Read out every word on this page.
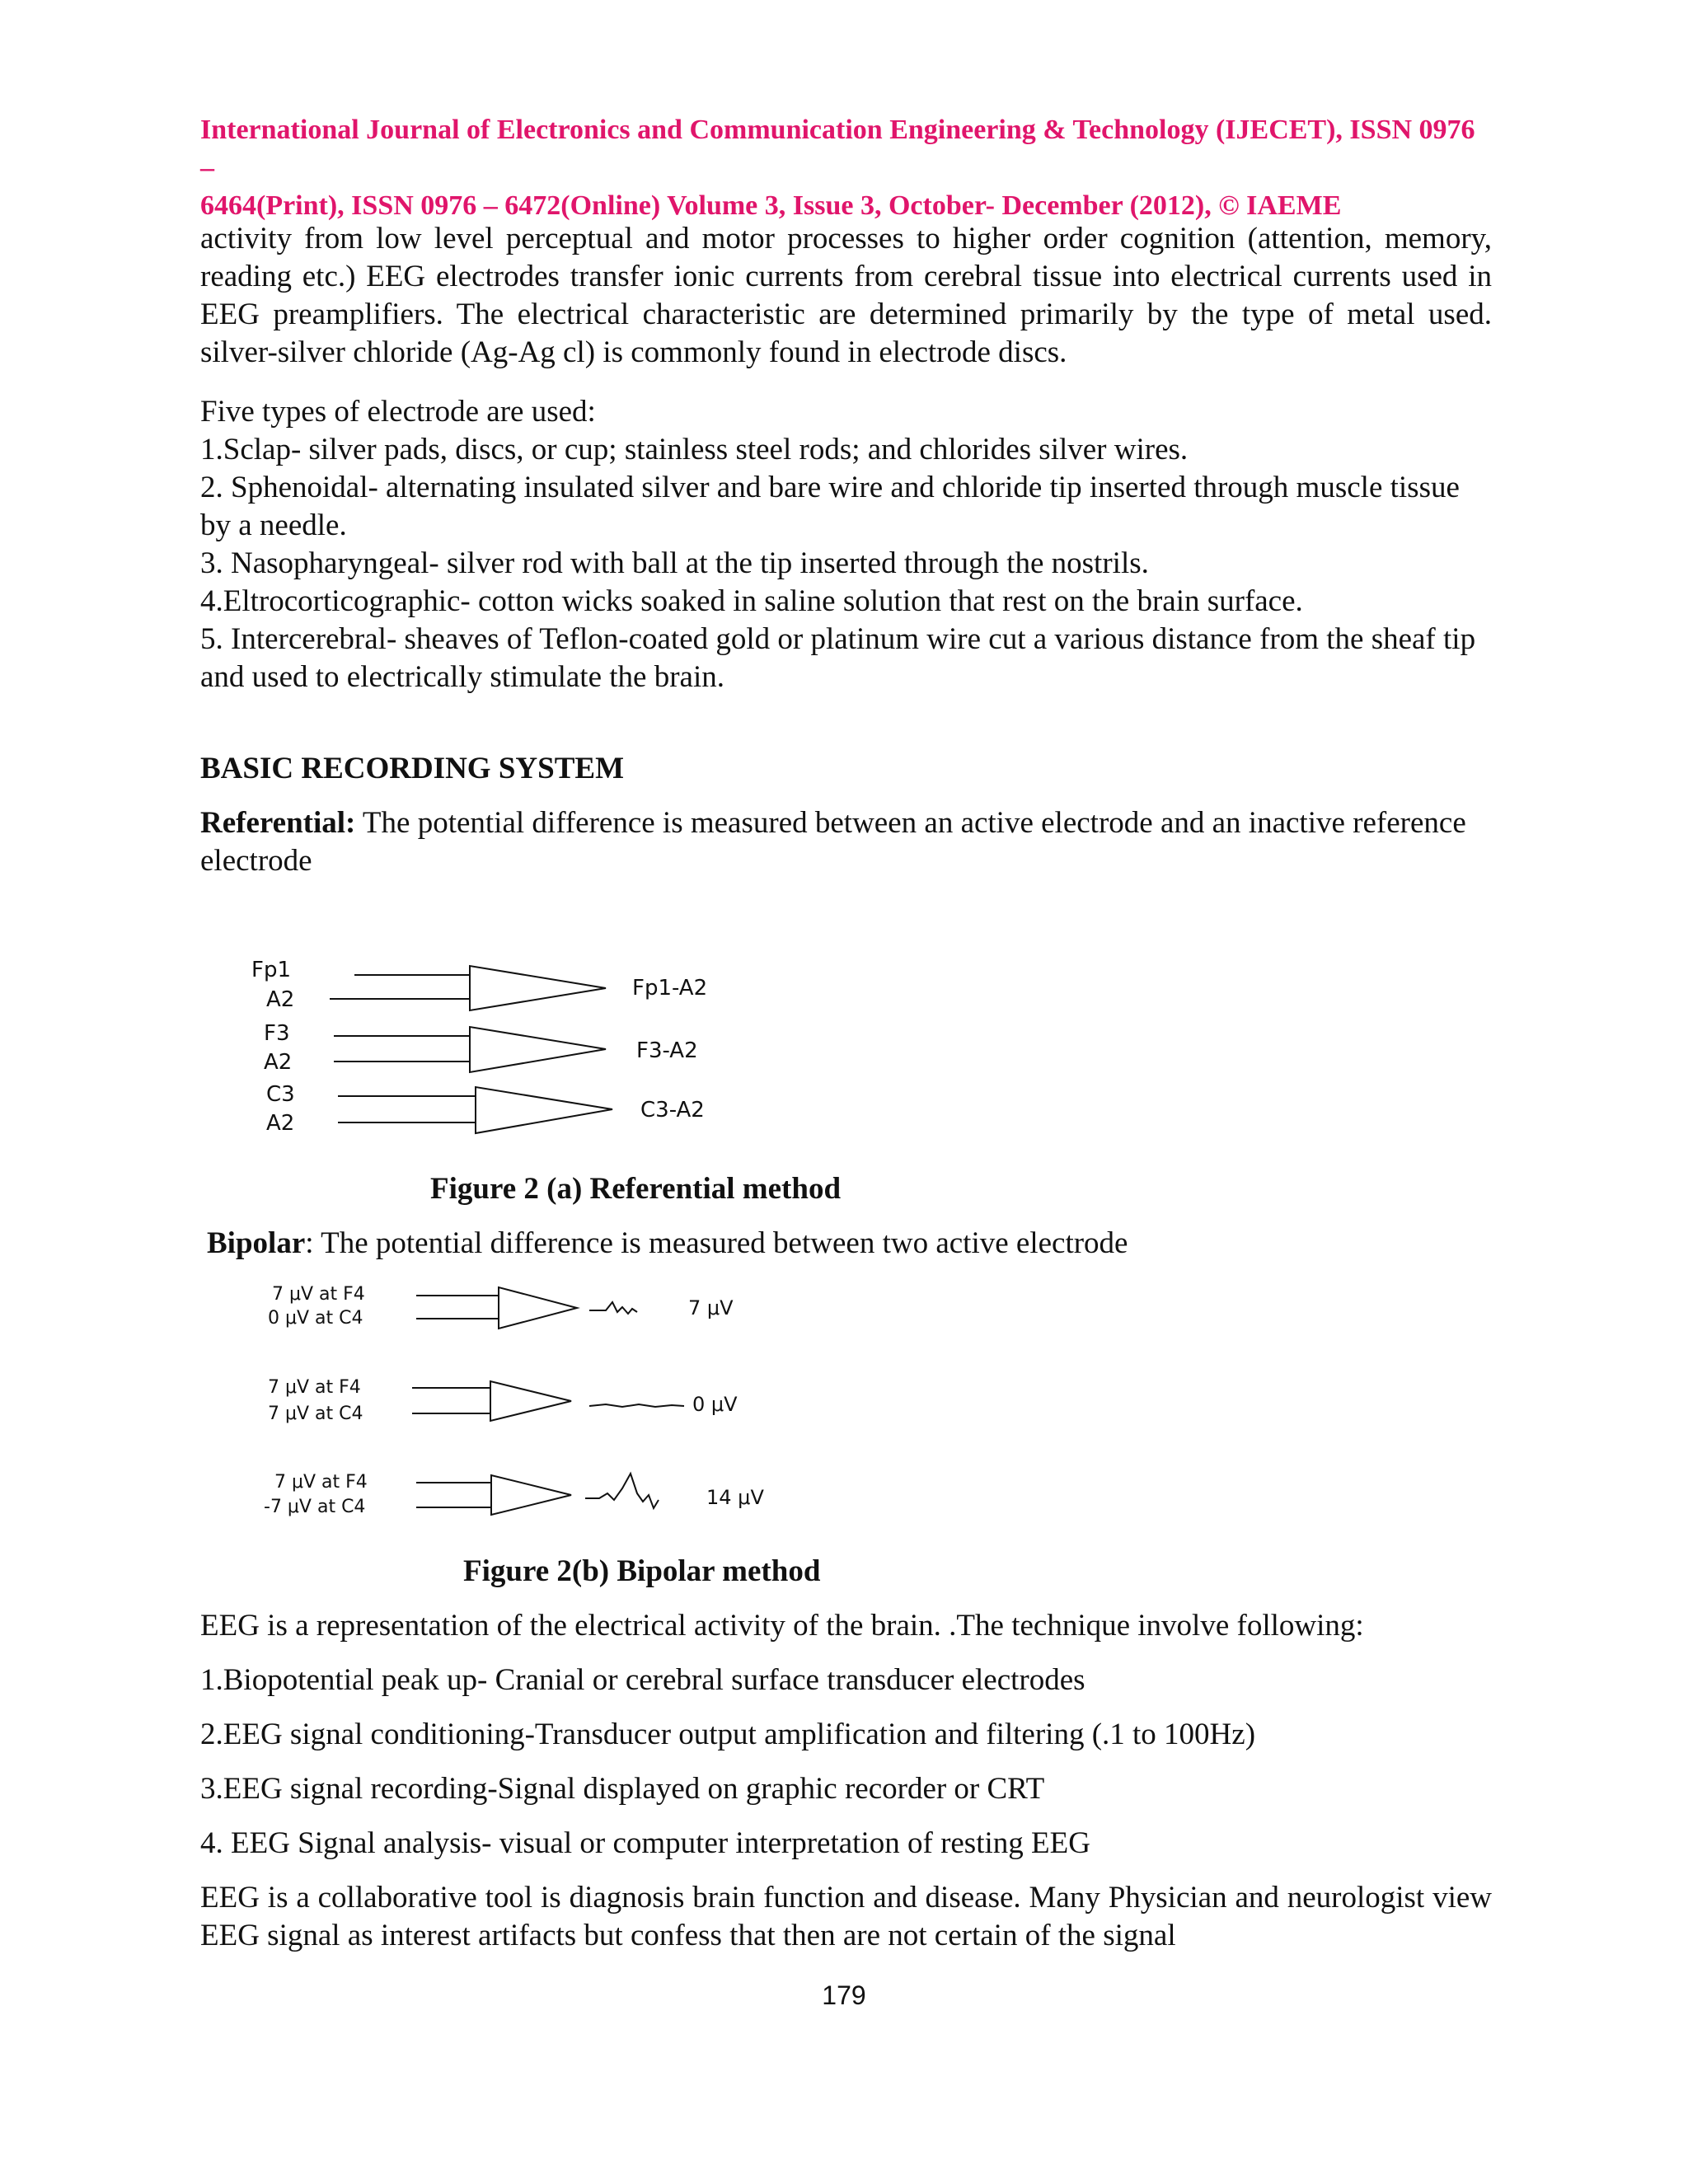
International Journal of Electronics and Communication Engineering & Technology (IJECET), ISSN 0976 –
6464(Print), ISSN 0976 – 6472(Online) Volume 3, Issue 3, October- December (2012), © IAEME
activity from low level perceptual and motor processes to higher order cognition (attention, memory, reading etc.) EEG electrodes transfer ionic currents from cerebral tissue into electrical currents used in EEG preamplifiers. The electrical characteristic are determined primarily by the type of metal used. silver-silver chloride (Ag-Ag cl) is commonly found in electrode discs.
Five types of electrode are used:
1.Sclap- silver pads, discs, or cup; stainless steel rods; and chlorides silver wires.
2. Sphenoidal- alternating insulated silver and bare wire and chloride tip inserted through muscle tissue by a needle.
3. Nasopharyngeal- silver rod with ball at the tip inserted through the nostrils.
4.Eltrocorticographic- cotton wicks soaked in saline solution that rest on the brain surface.
5. Intercerebral- sheaves of Teflon-coated gold or platinum wire cut a various distance from the sheaf tip and used to electrically stimulate the brain.
BASIC RECORDING SYSTEM
Referential: The potential difference is measured between an active electrode and an inactive reference electrode
Fp1
A2
F3
A2
C3
A2
Fp1-A2
F3-A2
C3-A2
Figure 2 (a) Referential method
Bipolar: The potential difference is measured between two active electrode
7 μV at F4
0 μV at C4
7 μV at F4
7 μV at C4
7 μV at F4
-7 μV at C4
7 μV
0 μV
14 μV
Figure 2(b) Bipolar method
EEG is a representation of the electrical activity of the brain. .The technique involve following:
1.Biopotential peak up- Cranial or cerebral surface transducer electrodes
2.EEG signal conditioning-Transducer output amplification and filtering (.1 to 100Hz)
3.EEG signal recording-Signal displayed on graphic recorder or CRT
4. EEG Signal analysis- visual or computer interpretation of resting EEG
EEG is a collaborative tool is diagnosis brain function and disease. Many Physician and neurologist view EEG signal as interest artifacts but confess that then are not certain of the signal
179
